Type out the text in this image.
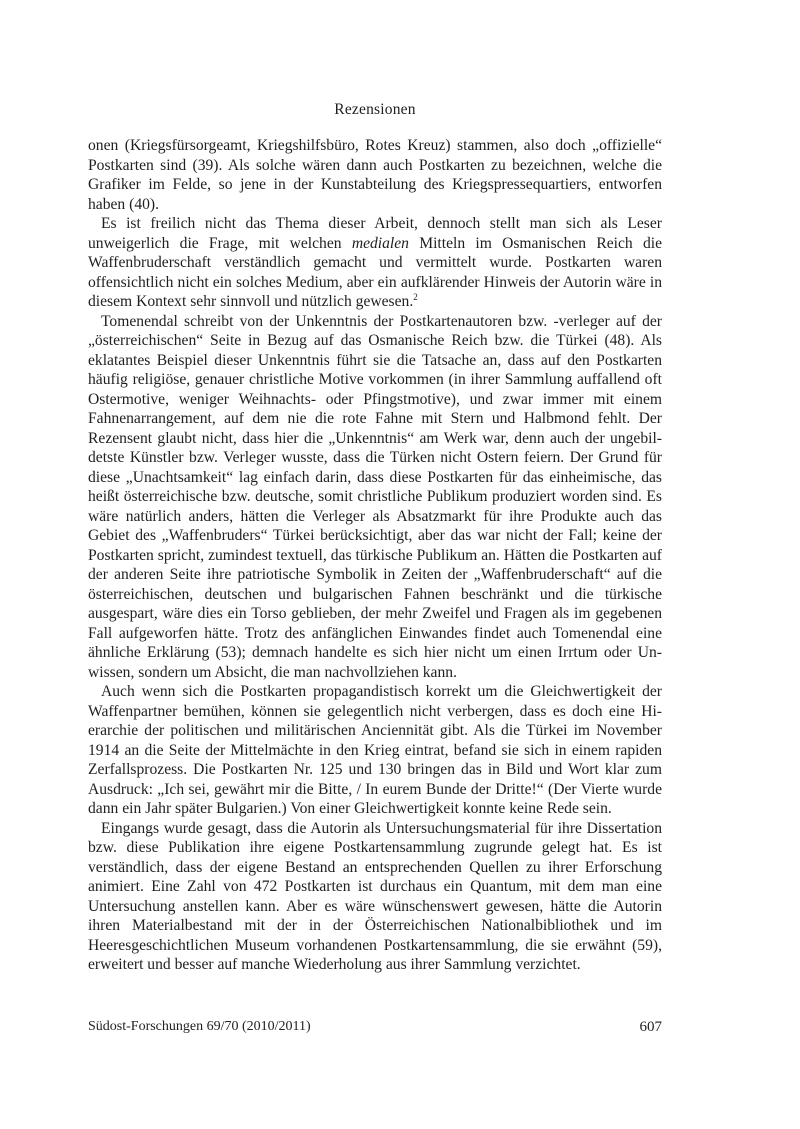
Rezensionen

onen (Kriegsfürsorgeamt, Kriegshilfsbüro, Rotes Kreuz) stammen, also doch „offizielle“ Postkarten sind (39). Als solche wären dann auch Postkarten zu bezeichnen, welche die Grafiker im Felde, so jene in der Kunstabteilung des Kriegspressequartiers, entworfen haben (40).

Es ist freilich nicht das Thema dieser Arbeit, dennoch stellt man sich als Leser unweigerlich die Frage, mit welchen medialen Mitteln im Osmanischen Reich die Waffenbruderschaft verständlich gemacht und vermittelt wurde. Postkarten waren offensichtlich nicht ein solches Medium, aber ein aufklärender Hinweis der Autorin wäre in diesem Kontext sehr sinnvoll und nützlich gewesen.$^2$

Tomenendal schreibt von der Unkenntnis der Postkartenautoren bzw. -verleger auf der „österreichischen“ Seite in Bezug auf das Osmanische Reich bzw. die Türkei (48). Als eklatantes Beispiel dieser Unkenntnis führt sie die Tatsache an, dass auf den Postkarten häufig religiöse, genauer christliche Motive vorkommen (in ihrer Sammlung auffallend oft Ostermotive, weniger Weihnachts- oder Pfingstmotive), und zwar immer mit einem Fahnenarrangement, auf dem nie die rote Fahne mit Stern und Halbmond fehlt. Der Rezensent glaubt nicht, dass hier die „Unkenntnis“ am Werk war, denn auch der ungebildetste Künstler bzw. Verleger wusste, dass die Türken nicht Ostern feiern. Der Grund für diese „Unachtsamkeit“ lag einfach darin, dass diese Postkarten für das einheimische, das heißt österreichische bzw. deutsche, somit christliche Publikum produziert worden sind. Es wäre natürlich anders, hätten die Verleger als Absatzmarkt für ihre Produkte auch das Gebiet des „Waffenbruders“ Türkei berücksichtigt, aber das war nicht der Fall; keine der Postkarten spricht, zumindest textuell, das türkische Publikum an. Hätten die Postkarten auf der anderen Seite ihre patriotische Symbolik in Zeiten der „Waffenbruderschaft“ auf die österreichischen, deutschen und bulgarischen Fahnen beschränkt und die türkische ausgespart, wäre dies ein Torso geblieben, der mehr Zweifel und Fragen als im gegebenen Fall aufgeworfen hätte. Trotz des anfänglichen Einwandes findet auch Tomenendal eine ähnliche Erklärung (53); demnach handelte es sich hier nicht um einen Irrtum oder Unwissen, sondern um Absicht, die man nachvollziehen kann.

Auch wenn sich die Postkarten propagandistisch korrekt um die Gleichwertigkeit der Waffenpartner bemühen, können sie gelegentlich nicht verbergen, dass es doch eine Hierarchie der politischen und militärischen Anciennität gibt. Als die Türkei im November 1914 an die Seite der Mittelmächte in den Krieg eintrat, befand sie sich in einem rapiden Zerfallsprozess. Die Postkarten Nr. 125 und 130 bringen das in Bild und Wort klar zum Ausdruck: „Ich sei, gewährt mir die Bitte, / In eurem Bunde der Dritte!“ (Der Vierte wurde dann ein Jahr später Bulgarien.) Von einer Gleichwertigkeit konnte keine Rede sein.

Eingangs wurde gesagt, dass die Autorin als Untersuchungsmaterial für ihre Dissertation bzw. diese Publikation ihre eigene Postkartensammlung zugrunde gelegt hat. Es ist verständlich, dass der eigene Bestand an entsprechenden Quellen zu ihrer Erforschung animiert. Eine Zahl von 472 Postkarten ist durchaus ein Quantum, mit dem man eine Untersuchung anstellen kann. Aber es wäre wünschenswert gewesen, hätte die Autorin ihren Materialbestand mit der in der Österreichischen Nationalbibliothek und im Heeresgeschichtlichen Museum vorhandenen Postkartensammlung, die sie erwähnt (59), erweitert und besser auf manche Wiederholung aus ihrer Sammlung verzichtet.

Südost-Forschungen 69/70 (2010/2011)	607
